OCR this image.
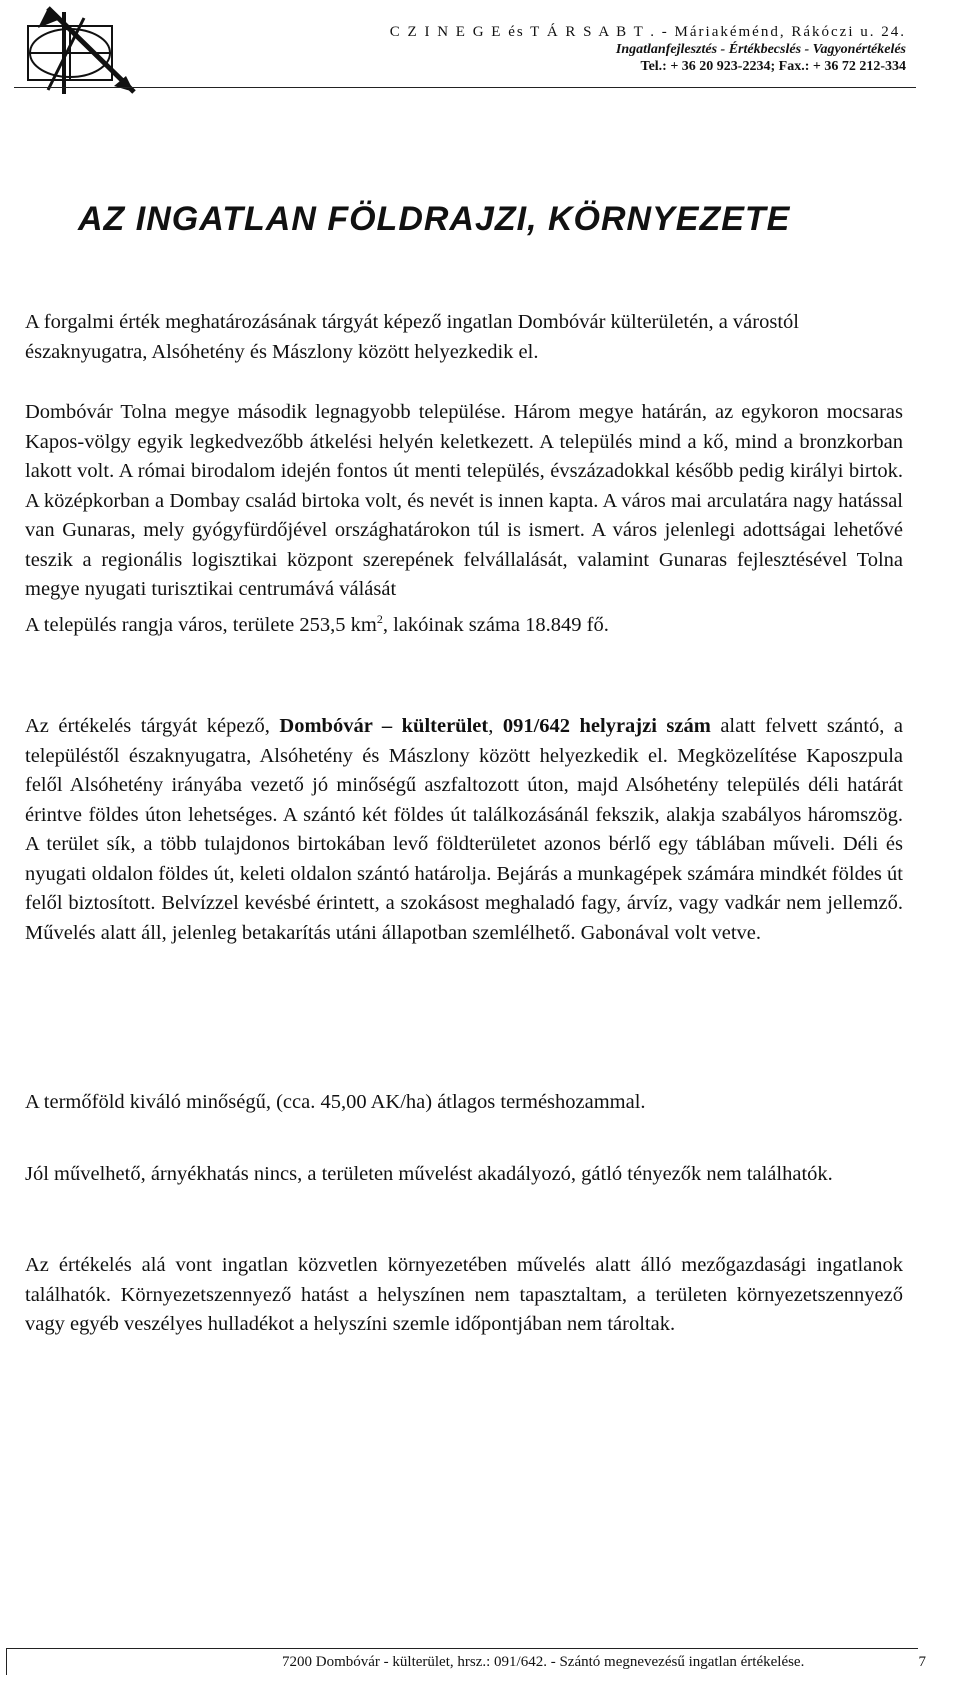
C Z I N E G E és T Á R S A B T . - Máriakéménd, Rákóczi u. 24.
Ingatlanfejlesztés - Értékbecslés - Vagyonértékelés
Tel.: + 36 20 923-2234; Fax.: + 36 72 212-334
AZ INGATLAN FÖLDRAJZI, KÖRNYEZETE

A forgalmi érték meghatározásának tárgyát képező ingatlan Dombóvár külterületén, a várostól északnyugatra, Alsóhetény és Mászlony között helyezkedik el.

Dombóvár Tolna megye második legnagyobb települése. Három megye határán, az egykoron mocsaras Kapos-völgy egyik legkedvezőbb átkelési helyén keletkezett. A település mind a kő, mind a bronzkorban lakott volt. A római birodalom idején fontos út menti település, évszázadokkal később pedig királyi birtok. A középkorban a Dombay család birtoka volt, és nevét is innen kapta. A város mai arculatára nagy hatással van Gunaras, mely gyógyfürdőjével országhatárokon túl is ismert. A város jelenlegi adottságai lehetővé teszik a regionális logisztikai központ szerepének felvállalását, valamint Gunaras fejlesztésével Tolna megye nyugati turisztikai centrumává válását

A település rangja város, területe 253,5 $km^2$, lakóinak száma 18.849 fő.

Az értékelés tárgyát képező, Dombóvár – külterület, 091/642 helyrajzi szám alatt felvett szántó, a településtől északnyugatra, Alsóhetény és Mászlony között helyezkedik el. Megközelítése Kaposzpula felől Alsóhetény irányába vezető jó minőségű aszfaltozott úton, majd Alsóhetény település déli határát érintve földes úton lehetséges. A szántó két földes út találkozásánál fekszik, alakja szabályos háromszög. A terület sík, a több tulajdonos birtokában levő földterületet azonos bérlő egy táblában műveli. Déli és nyugati oldalon földes út, keleti oldalon szántó határolja. Bejárás a munkagépek számára mindkét földes út felől biztosított. Belvízzel kevésbé érintett, a szokásost meghaladó fagy, árvíz, vagy vadkár nem jellemző. Művelés alatt áll, jelenleg betakarítás utáni állapotban szemlélhető. Gabonával volt vetve.

A termőföld kiváló minőségű, (cca. 45,00 AK/ha) átlagos terméshozammal.

Jól művelhető, árnyékhatás nincs, a területen művelést akadályozó, gátló tényezők nem találhatók.

Az értékelés alá vont ingatlan közvetlen környezetében művelés alatt álló mezőgazdasági ingatlanok találhatók. Környezetszennyező hatást a helyszínen nem tapasztaltam, a területen környezetszennyező vagy egyéb veszélyes hulladékot a helyszíni szemle időpontjában nem tároltak.

7200 Dombóvár - külterület, hrsz.: 091/642. - Szántó megnevezésű ingatlan értékelése.	7
